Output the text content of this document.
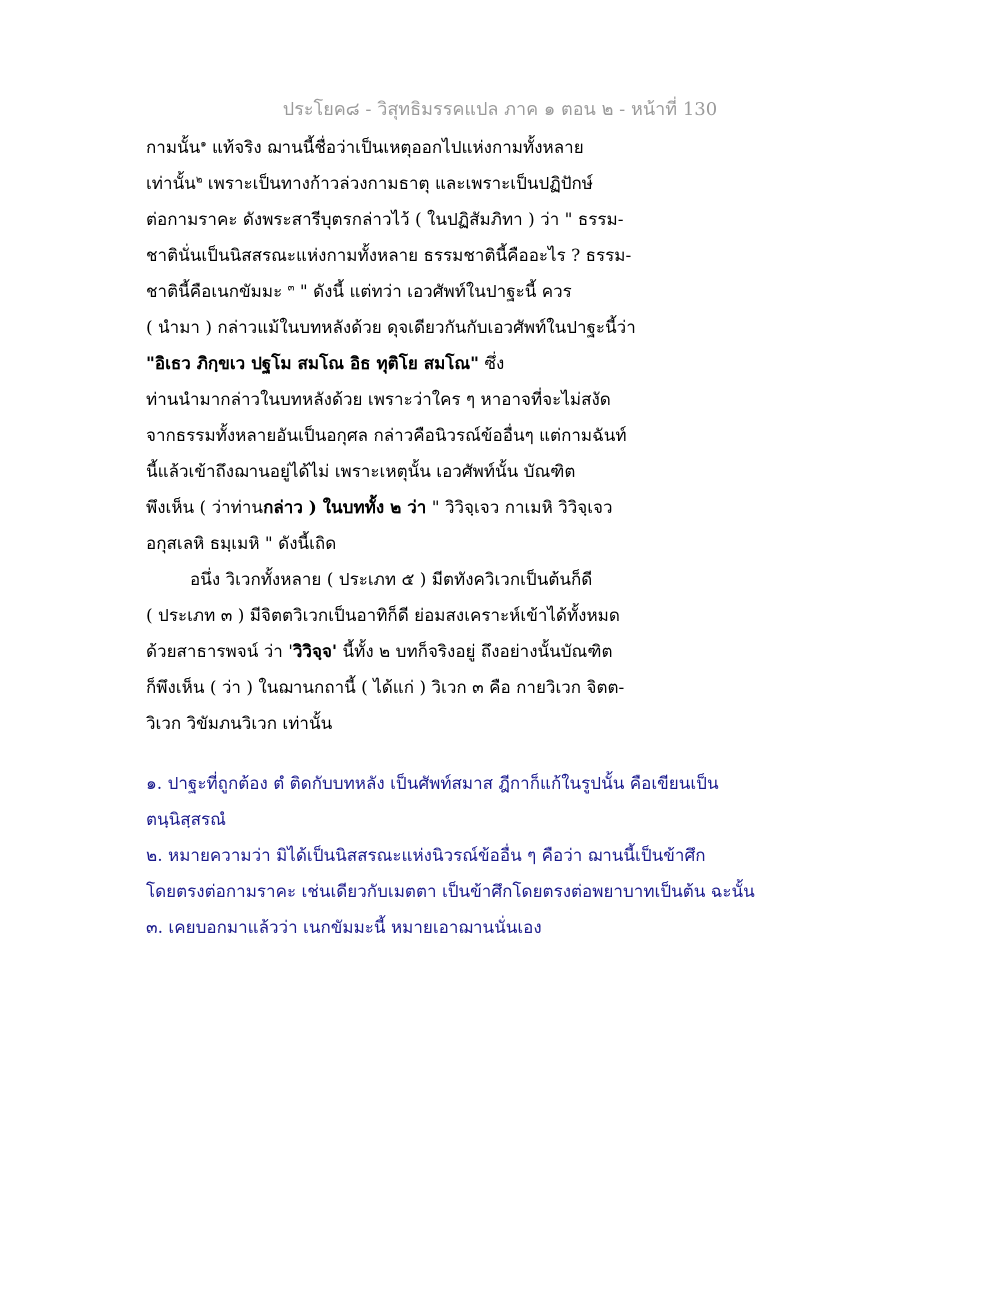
ประโยค๘ - วิสุทธิมรรคแปล ภาค ๑ ตอน ๒ - หน้าที่ 130
กามนั้น$^๑$ แท้จริง ฌานนี้ชื่อว่าเป็นเหตุออกไปแห่งกามทั้งหลาย
เท่านั้น$^๒$ เพราะเป็นทางก้าวล่วงกามธาตุ และเพราะเป็นปฏิปักษ์
ต่อกามราคะ ดังพระสารีบุตรกล่าวไว้ ( ในปฏิสัมภิทา ) ว่า " ธรรม-
ชาตินั่นเป็นนิสสรณะแห่งกามทั้งหลาย ธรรมชาตินี้คืออะไร ? ธรรม-
ชาตินี้คือเนกขัมมะ $^๓$ " ดังนี้ แต่ทว่า เอวศัพท์ในปาฐะนี้ ควร
( นำมา ) กล่าวแม้ในบทหลังด้วย ดุจเดียวกันกับเอวศัพท์ในปาฐะนี้ว่า
"อิเธว ภิกฺขเว ปฐโม สมโณ อิธ ทุติโย สมโณ" ซึ่ง
ท่านนำมากล่าวในบทหลังด้วย เพราะว่าใคร ๆ หาอาจที่จะไม่สงัด
จากธรรมทั้งหลายอันเป็นอกุศล กล่าวคือนิวรณ์ข้ออื่นๆ แต่กามฉันท์
นี้แล้วเข้าถึงฌานอยู่ได้ไม่ เพราะเหตุนั้น เอวศัพท์นั้น บัณฑิต
พึงเห็น ( ว่าท่านกล่าว ) ในบททั้ง ๒ ว่า " วิวิจฺเจว กาเมหิ วิวิจฺเจว
อกุสเลหิ ธมฺเมหิ " ดังนี้เถิด
อนึ่ง วิเวกทั้งหลาย ( ประเภท ๕ ) มีตทังควิเวกเป็นต้นก็ดี
( ประเภท ๓ ) มีจิตตวิเวกเป็นอาทิก็ดี ย่อมสงเคราะห์เข้าได้ทั้งหมด
ด้วยสาธารพจน์ ว่า 'วิวิจฺจ' นี้ทั้ง ๒ บทก็จริงอยู่ ถึงอย่างนั้นบัณฑิต
ก็พึงเห็น ( ว่า ) ในฌานกถานี้ ( ได้แก่ ) วิเวก ๓ คือ กายวิเวก จิตต-
วิเวก วิขัมภนวิเวก เท่านั้น
๑. ปาฐะที่ถูกต้อง ตํ ติดกับบทหลัง เป็นศัพท์สมาส ฎีกาก็แก้ในรูปนั้น คือเขียนเป็น
ตนฺนิสฺสรณํ
๒. หมายความว่า มิได้เป็นนิสสรณะแห่งนิวรณ์ข้ออื่น ๆ คือว่า ฌานนี้เป็นข้าศึก
โดยตรงต่อกามราคะ เช่นเดียวกับเมตตา เป็นข้าศึกโดยตรงต่อพยาบาทเป็นต้น ฉะนั้น
๓. เคยบอกมาแล้วว่า เนกขัมมะนี้ หมายเอาฌานนั่นเอง
